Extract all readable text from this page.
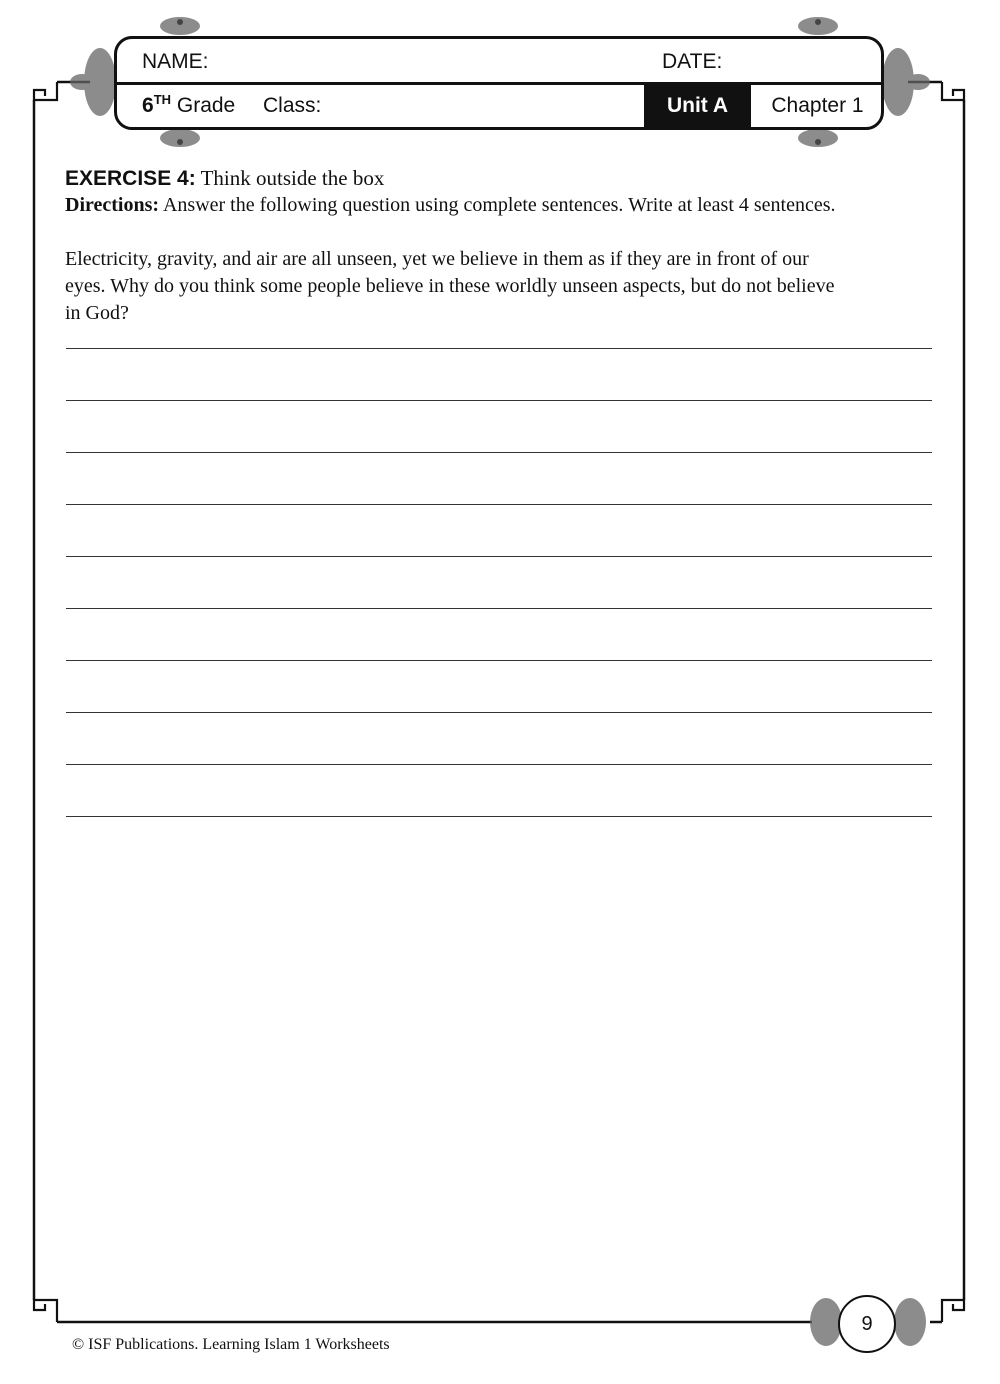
NAME:	DATE:
6TH Grade Class:	Unit A	Chapter 1
EXERCISE 4: Think outside the box
Directions: Answer the following question using complete sentences. Write at least 4 sentences.
Electricity, gravity, and air are all unseen, yet we believe in them as if they are in front of our
eyes. Why do you think some people believe in these worldly unseen aspects, but do not believe
in God?
9
© ISF Publications. Learning Islam 1 Worksheets
